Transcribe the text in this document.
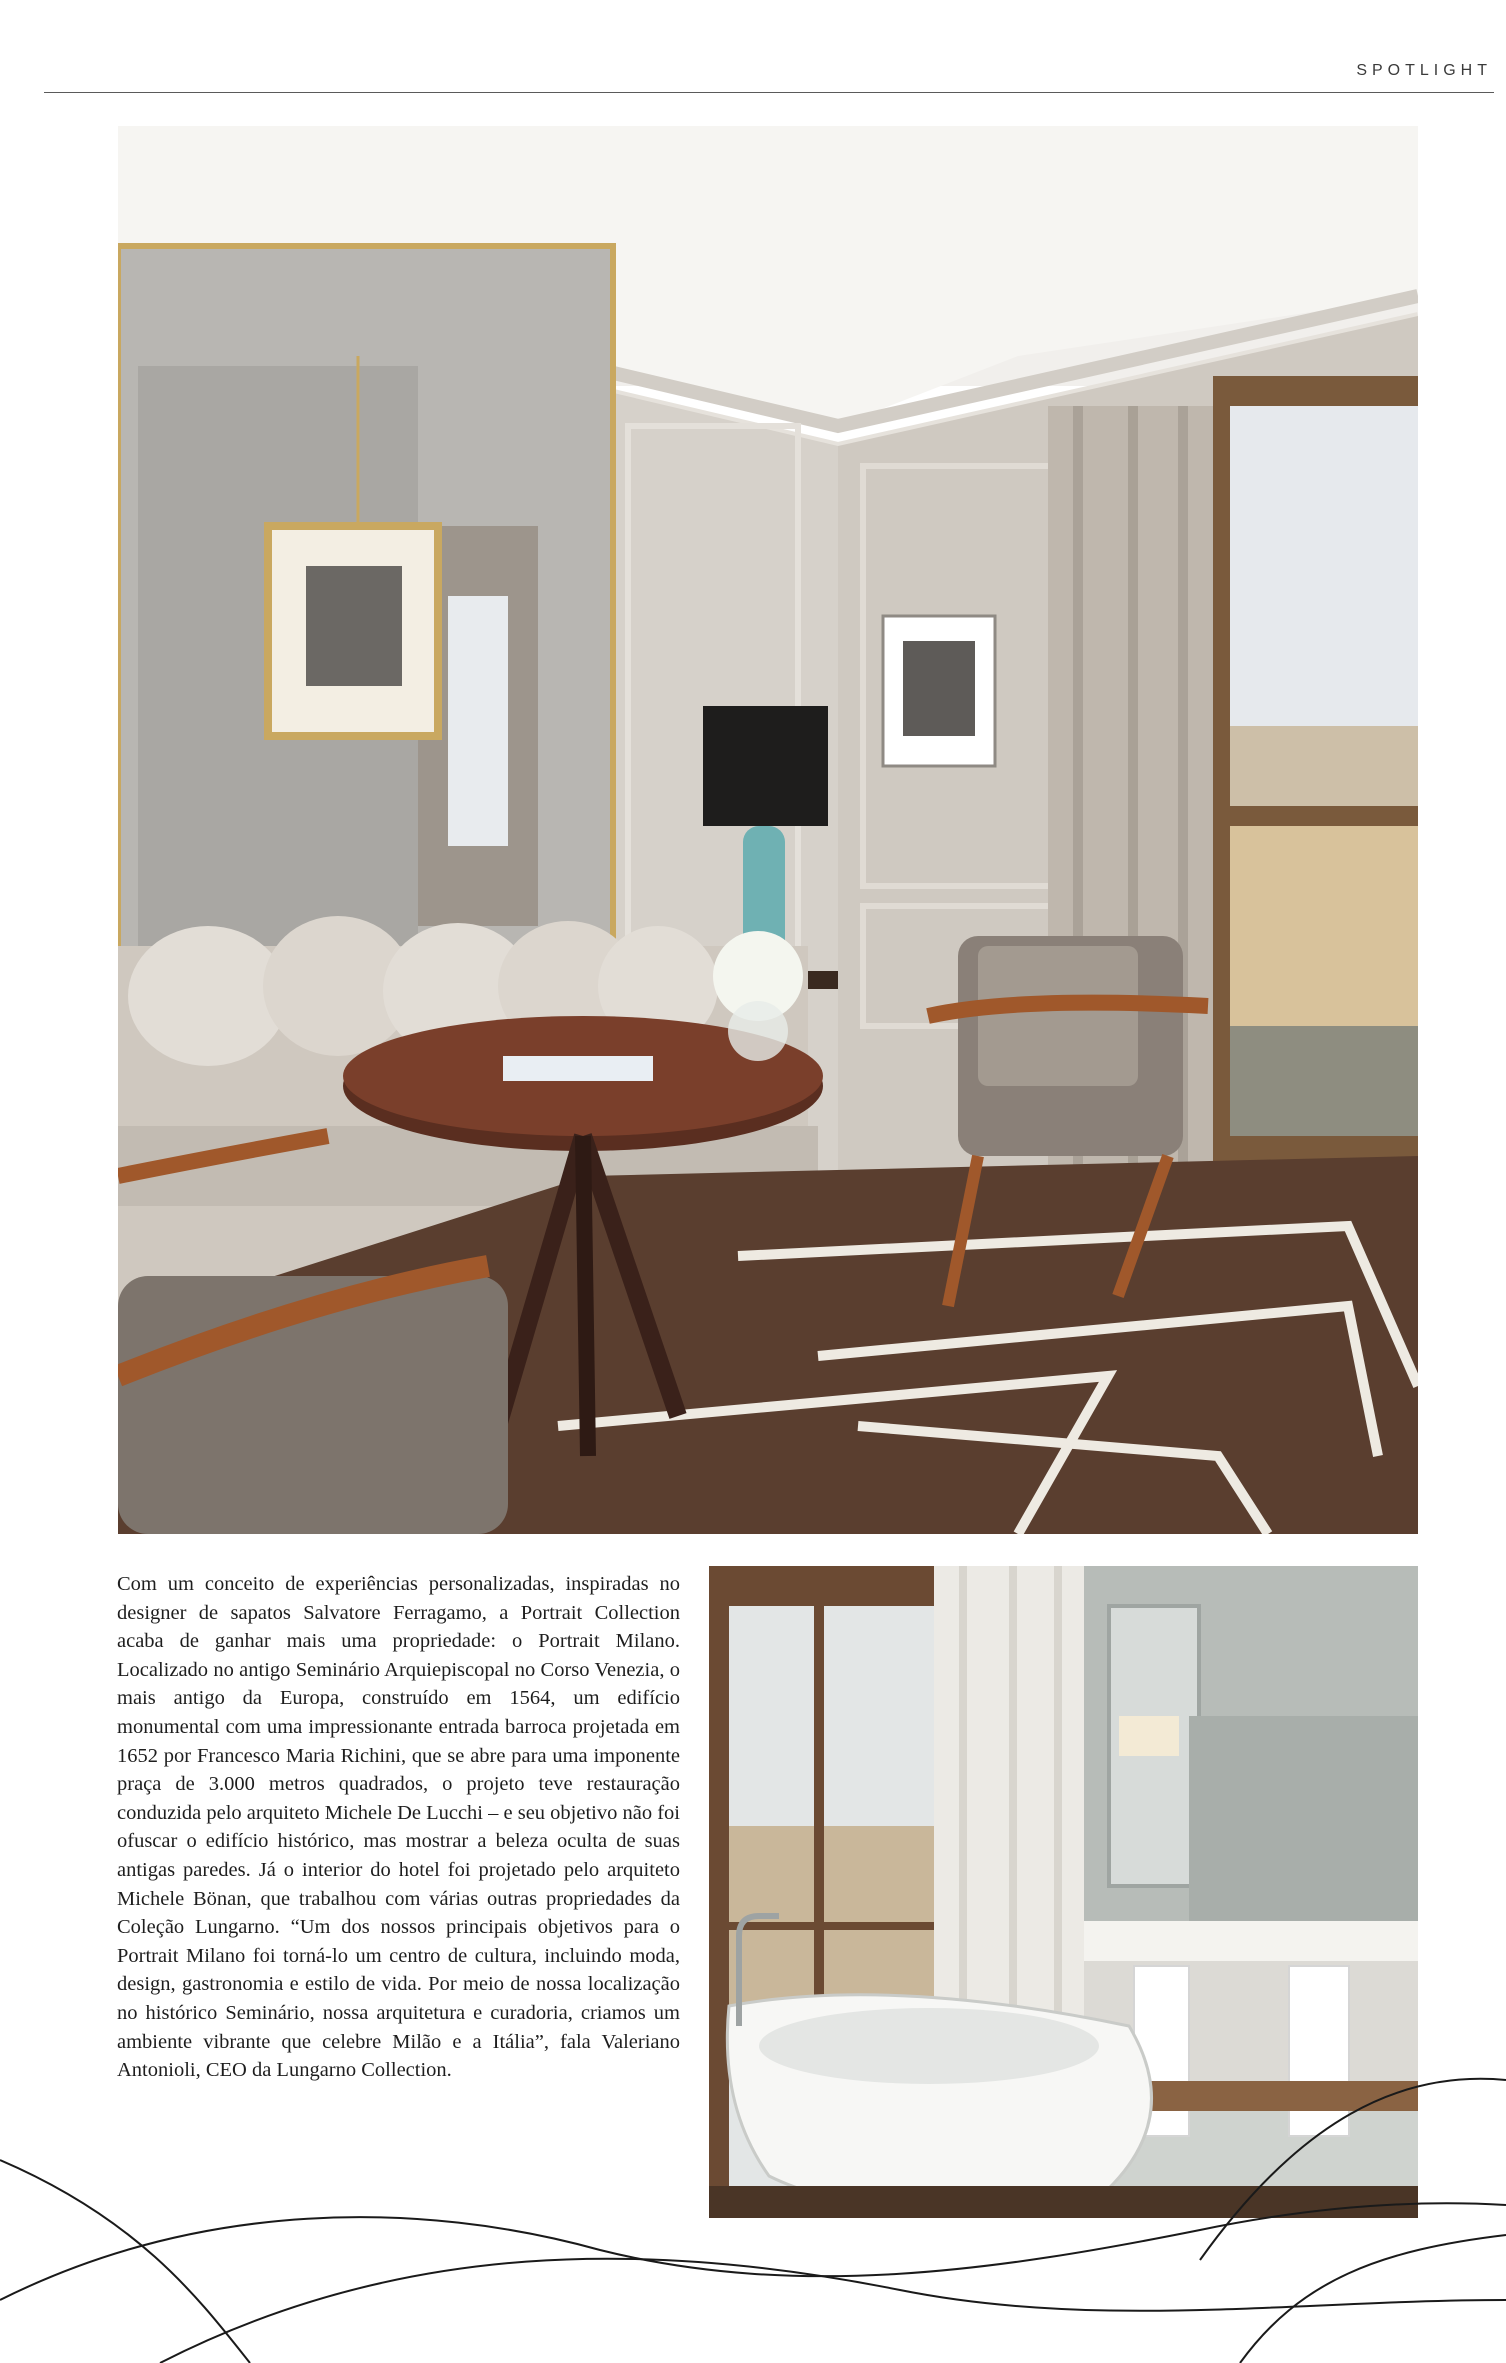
SPOTLIGHT
Com um conceito de experiências personalizadas, inspiradas no designer de sapatos Salvatore Ferragamo, a Portrait Collection acaba de ganhar mais uma propriedade: o Portrait Milano. Localizado no antigo Seminário Arquiepiscopal no Corso Venezia, o mais antigo da Europa, construído em 1564, um edifício monumental com uma impressionante entrada barroca projetada em 1652 por Francesco Maria Richini, que se abre para uma imponente praça de 3.000 metros quadrados, o projeto teve restauração conduzida pelo arquiteto Michele De Lucchi – e seu objetivo não foi ofuscar o edifício histórico, mas mostrar a beleza oculta de suas antigas paredes. Já o interior do hotel foi projetado pelo arquiteto Michele Bönan, que trabalhou com várias outras propriedades da Coleção Lungarno. “Um dos nossos principais objetivos para o Portrait Milano foi torná-lo um centro de cultura, incluindo moda, design, gastronomia e estilo de vida. Por meio de nossa localização no histórico Seminário, nossa arquitetura e curadoria, criamos um ambiente vibrante que celebre Milão e a Itália”, fala Valeriano Antonioli, CEO da Lungarno Collection.
